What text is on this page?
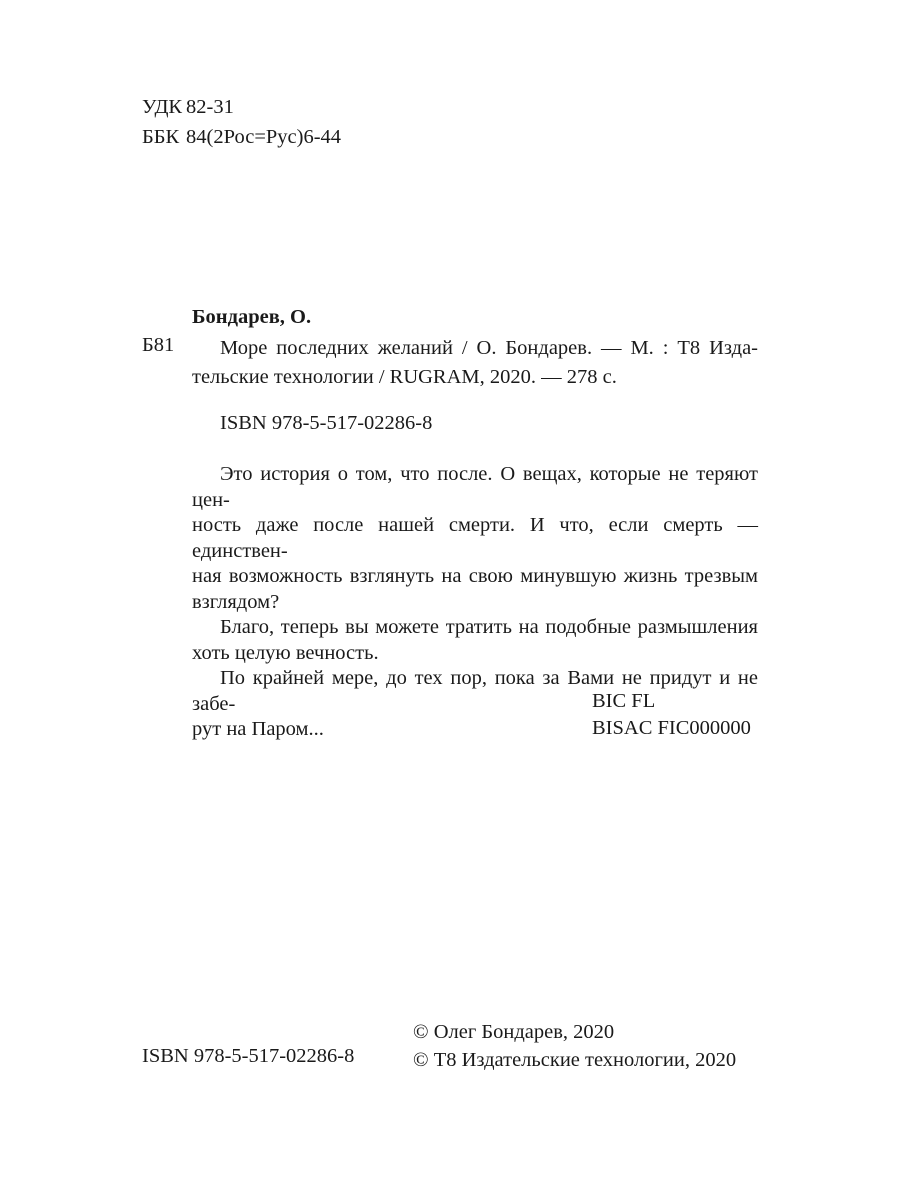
УДК 82-31
ББК 84(2Рос=Рус)6-44
Бондарев, О.
Б81	Море последних желаний / О. Бондарев. — М. : Т8 Изда-
тельские технологии / RUGRAM, 2020. — 278 с.
ISBN 978-5-517-02286-8

Это история о том, что после. О вещах, которые не теряют цен-

ность даже после нашей смерти. И что, если смерть — единствен-
ная возможность взглянуть на свою минувшую жизнь трезвым
взглядом?

Благо, теперь вы можете тратить на подобные размышления

хоть целую вечность.

По крайней мере, до тех пор, пока за Вами не придут и не забе-

рут на Паром...
BIC FL
BISAC FIC000000
ISBN 978-5-517-02286-8
© Олег Бондарев, 2020
© Т8 Издательские технологии, 2020
